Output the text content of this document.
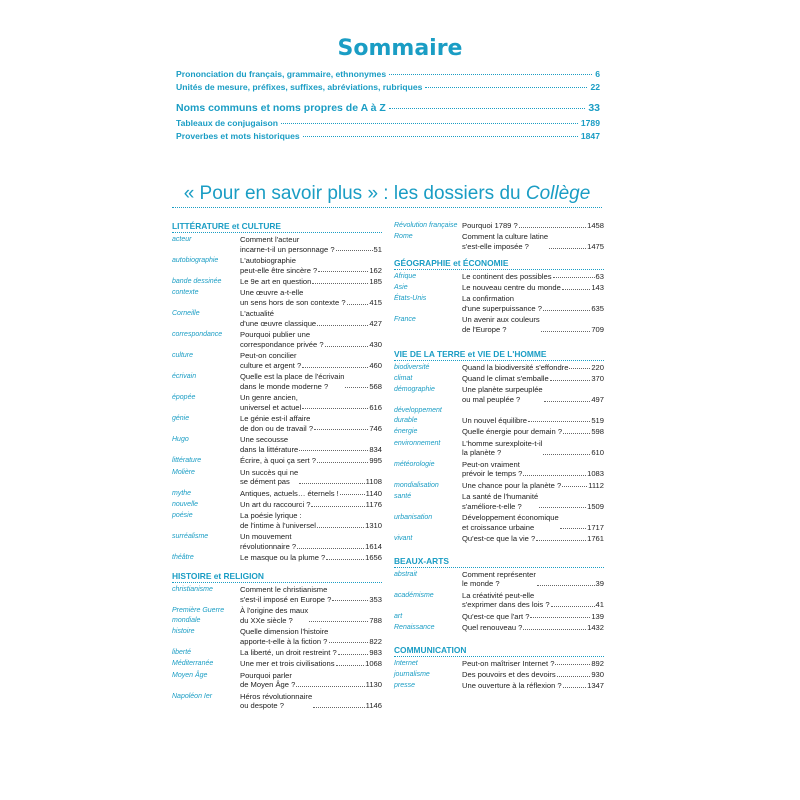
Sommaire
Prononciation du français, grammaire, ethnonymes	6
Unités de mesure, préfixes, suffixes, abréviations, rubriques	22
Noms communs et noms propres de A à Z	33
Tableaux de conjugaison	1789
Proverbes et mots historiques	1847
« Pour en savoir plus » : les dossiers du Collège
LITTÉRATURE et CULTURE
acteur	Comment l'acteur
incarne-t-il un personnage ?	51
autobiographie	L'autobiographie
peut-elle être sincère ?	162
bande dessinée	Le 9e art en question	185
contexte	Une œuvre a-t-elle
un sens hors de son contexte ?	415
Corneille	L'actualité
d'une œuvre classique	427
correspondance	Pourquoi publier une
correspondance privée ?	430
culture	Peut-on concilier
culture et argent ?	460
écrivain	Quelle est la place de l'écrivain
dans le monde moderne ?	568
épopée	Un genre ancien,
universel et actuel	616
génie	Le génie est-il affaire
de don ou de travail ?	746
Hugo	Une secousse
dans la littérature	834
littérature	Écrire, à quoi ça sert ?	995
Molière	Un succès qui ne
se dément pas	1108
mythe	Antiques, actuels… éternels !	1140
nouvelle	Un art du raccourci ?	1176
poésie	La poésie lyrique :
de l'intime à l'universel	1310
surréalisme	Un mouvement
révolutionnaire ?	1614
théâtre	Le masque ou la plume ?	1656
HISTOIRE et RELIGION
christianisme	Comment le christianisme
s'est-il imposé en Europe ?	353
Première Guerre mondiale
À l'origine des maux
du XXe siècle ?	788
histoire	Quelle dimension l'histoire
apporte-t-elle à la fiction ?	822
liberté	La liberté, un droit restreint ?	983
Méditerranée	Une mer et trois civilisations	1068
Moyen Âge	Pourquoi parler
de Moyen Âge ?	1130
Napoléon Ier	Héros révolutionnaire
ou despote ?	1146
Révolution française Pourquoi 1789 ?	1458
Rome	Comment la culture latine
s'est-elle imposée ?	1475
GÉOGRAPHIE et ÉCONOMIE
Afrique	Le continent des possibles	63
Asie	Le nouveau centre du monde	143
États-Unis	La confirmation
d'une superpuissance ?	635
France	Un avenir aux couleurs
de l'Europe ?	709
VIE DE LA TERRE et VIE DE L'HOMME
biodiversité	Quand la biodiversité s'effondre	220
climat	Quand le climat s'emballe	370
démographie	Une planète surpeuplée
ou mal peuplée ?	497
développement durable	Un nouvel équilibre	519
énergie	Quelle énergie pour demain ?	598
environnement	L'homme surexploite-t-il
la planète ?	610
météorologie	Peut-on vraiment
prévoir le temps ?	1083
mondialisation	Une chance pour la planète ?	1112
santé	La santé de l'humanité
s'améliore-t-elle ?	1509
urbanisation	Développement économique
et croissance urbaine	1717
vivant	Qu'est-ce que la vie ?	1761
BEAUX-ARTS
abstrait	Comment représenter
le monde ?	39
académisme	La créativité peut-elle
s'exprimer dans des lois ?	41
art	Qu'est-ce que l'art ?	139
Renaissance	Quel renouveau ?	1432
COMMUNICATION
Internet	Peut-on maîtriser Internet ?	892
journalisme	Des pouvoirs et des devoirs	930
presse	Une ouverture à la réflexion ?	1347
